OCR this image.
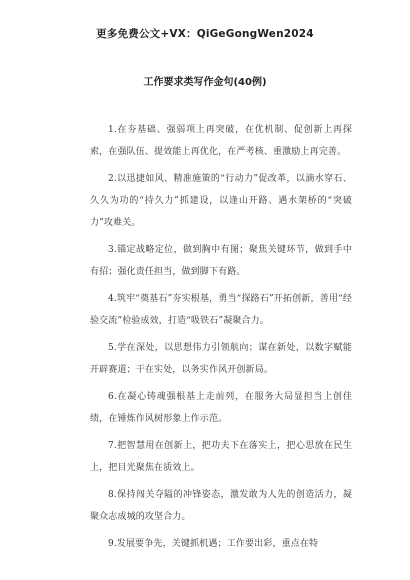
更多免费公文+VX：QiGeGongWen2024
工作要求类写作金句(40例)

1.在夯基础、强弱项上再突破，在优机制、促创新上再探索，在强队伍、提效能上再优化，在严考核、重激励上再完善。

2.以迅捷如风、精准施策的“行动力”促改革，以滴水穿石、久久为功的“持久力”抓建设，以逢山开路、遇水架桥的“突破力”攻难关。

3.锚定战略定位，做到胸中有图；聚焦关键环节，做到手中有招；强化责任担当，做到脚下有路。

4.筑牢“奠基石”夯实根基，勇当“探路石”开拓创新，善用“经验交流”检验成效，打造“吸铁石”凝聚合力。

5.学在深处，以思想伟力引领航向；谋在新处，以数字赋能开辟赛道；干在实处，以务实作风开创新局。

6.在凝心铸魂强根基上走前列，在服务大局显担当上创佳绩，在锤炼作风树形象上作示范。

7.把智慧用在创新上，把功夫下在落实上，把心思放在民生上，把目光聚焦在质效上。

8.保持闯关夺隘的冲锋姿态，激发敢为人先的创造活力，凝聚众志成城的攻坚合力。

9.发展要争先，关键抓机遇；工作要出彩，重点在特
